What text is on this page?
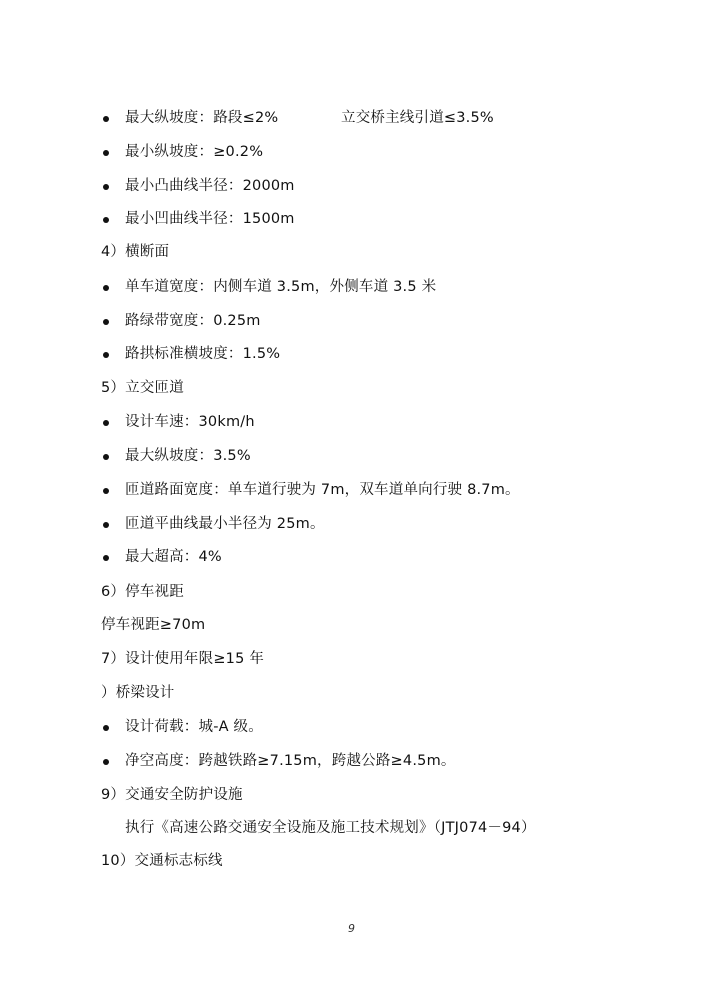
最大纵坡度：路段≤2%	立交桥主线引道≤3.5%
最小纵坡度：≥0.2%
最小凸曲线半径：2000m
最小凹曲线半径：1500m
4）横断面
单车道宽度：内侧车道 3.5m，外侧车道 3.5 米
路绿带宽度：0.25m
路拱标准横坡度：1.5%
5）立交匝道
设计车速：30km/h
最大纵坡度：3.5%
匝道路面宽度：单车道行驶为 7m，双车道单向行驶 8.7m。
匝道平曲线最小半径为 25m。
最大超高：4%
6）停车视距
停车视距≥70m
7）设计使用年限≥15 年
）桥梁设计
设计荷载：城-A 级。
净空高度：跨越铁路≥7.15m，跨越公路≥4.5m。
9）交通安全防护设施
执行《高速公路交通安全设施及施工技术规划》（JTJ074－94）
10）交通标志标线
9
